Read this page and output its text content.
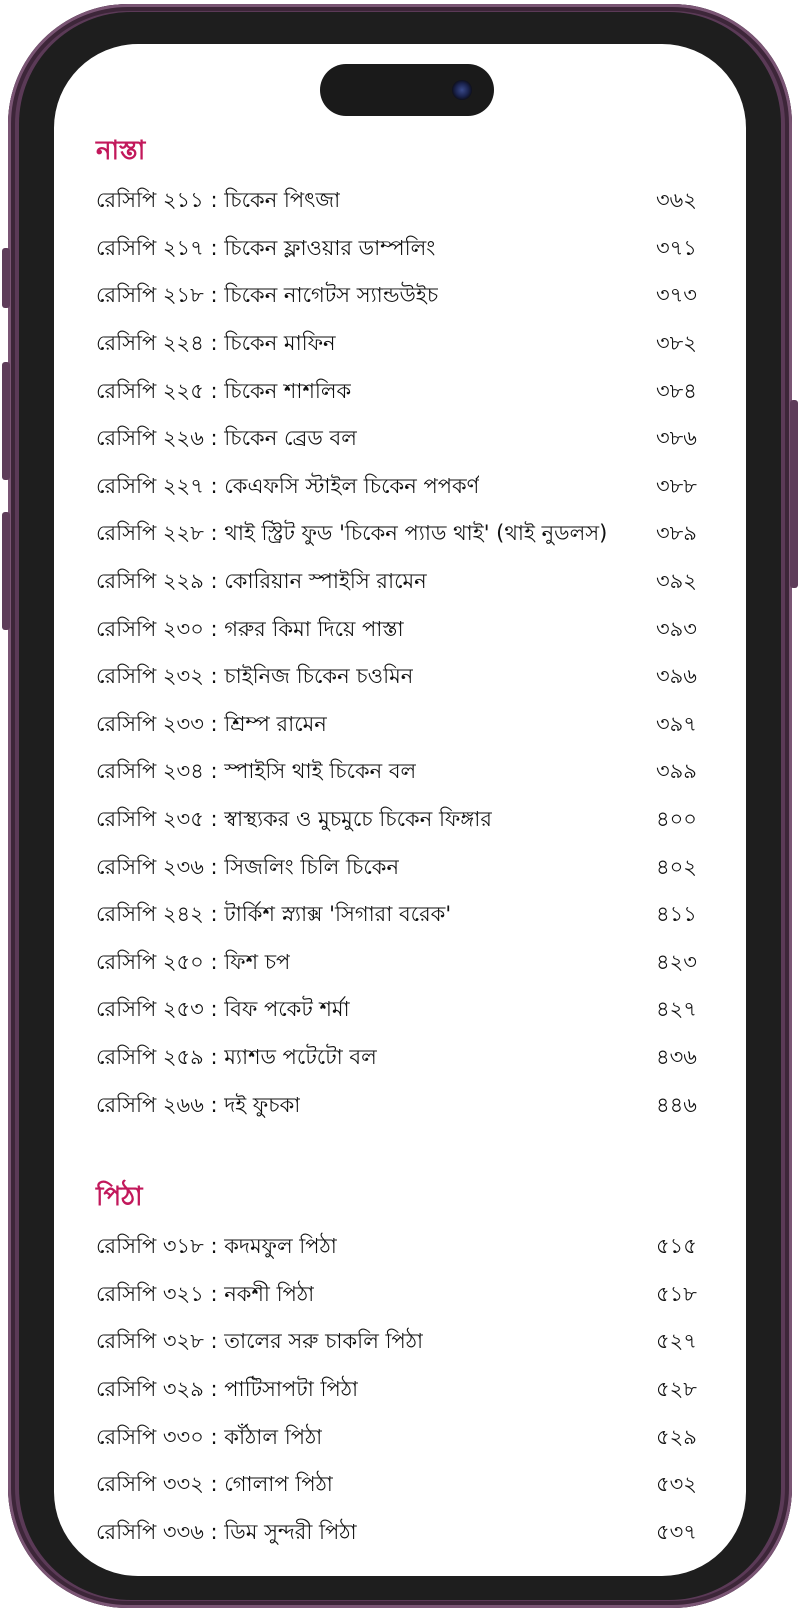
নাস্তা
রেসিপি ২১১ : চিকেন পিৎজা	৩৬২
রেসিপি ২১৭ : চিকেন ফ্লাওয়ার ডাম্পলিং	৩৭১
রেসিপি ২১৮ : চিকেন নাগেটস স্যান্ডউইচ	৩৭৩
রেসিপি ২২৪ : চিকেন মাফিন	৩৮২
রেসিপি ২২৫ : চিকেন শাশলিক	৩৮৪
রেসিপি ২২৬ : চিকেন ব্রেড বল	৩৮৬
রেসিপি ২২৭ : কেএফসি স্টাইল চিকেন পপকর্ণ	৩৮৮
রেসিপি ২২৮ : থাই স্ট্রিট ফুড 'চিকেন প্যাড থাই' (থাই নুডলস) ৩৮৯
রেসিপি ২২৯ : কোরিয়ান স্পাইসি রামেন	৩৯২
রেসিপি ২৩০ : গরুর কিমা দিয়ে পাস্তা	৩৯৩
রেসিপি ২৩২ : চাইনিজ চিকেন চওমিন	৩৯৬
রেসিপি ২৩৩ : শ্রিম্প রামেন	৩৯৭
রেসিপি ২৩৪ : স্পাইসি থাই চিকেন বল	৩৯৯
রেসিপি ২৩৫ : স্বাস্থ্যকর ও মুচমুচে চিকেন ফিঙ্গার	৪০০
রেসিপি ২৩৬ : সিজলিং চিলি চিকেন	৪০২
রেসিপি ২৪২ : টার্কিশ স্ন্যাক্স 'সিগারা বরেক'	৪১১
রেসিপি ২৫০ : ফিশ চপ	৪২৩
রেসিপি ২৫৩ : বিফ পকেট শর্মা	৪২৭
রেসিপি ২৫৯ : ম্যাশড পটেটো বল	৪৩৬
রেসিপি ২৬৬ : দই ফুচকা	৪৪৬
পিঠা
রেসিপি ৩১৮ : কদমফুল পিঠা	৫১৫
রেসিপি ৩২১ : নকশী পিঠা	৫১৮
রেসিপি ৩২৮ : তালের সরু চাকলি পিঠা	৫২৭
রেসিপি ৩২৯ : পাটিসাপটা পিঠা	৫২৮
রেসিপি ৩৩০ : কাঁঠাল পিঠা	৫২৯
রেসিপি ৩৩২ : গোলাপ পিঠা	৫৩২
রেসিপি ৩৩৬ : ডিম সুন্দরী পিঠা	৫৩৭
